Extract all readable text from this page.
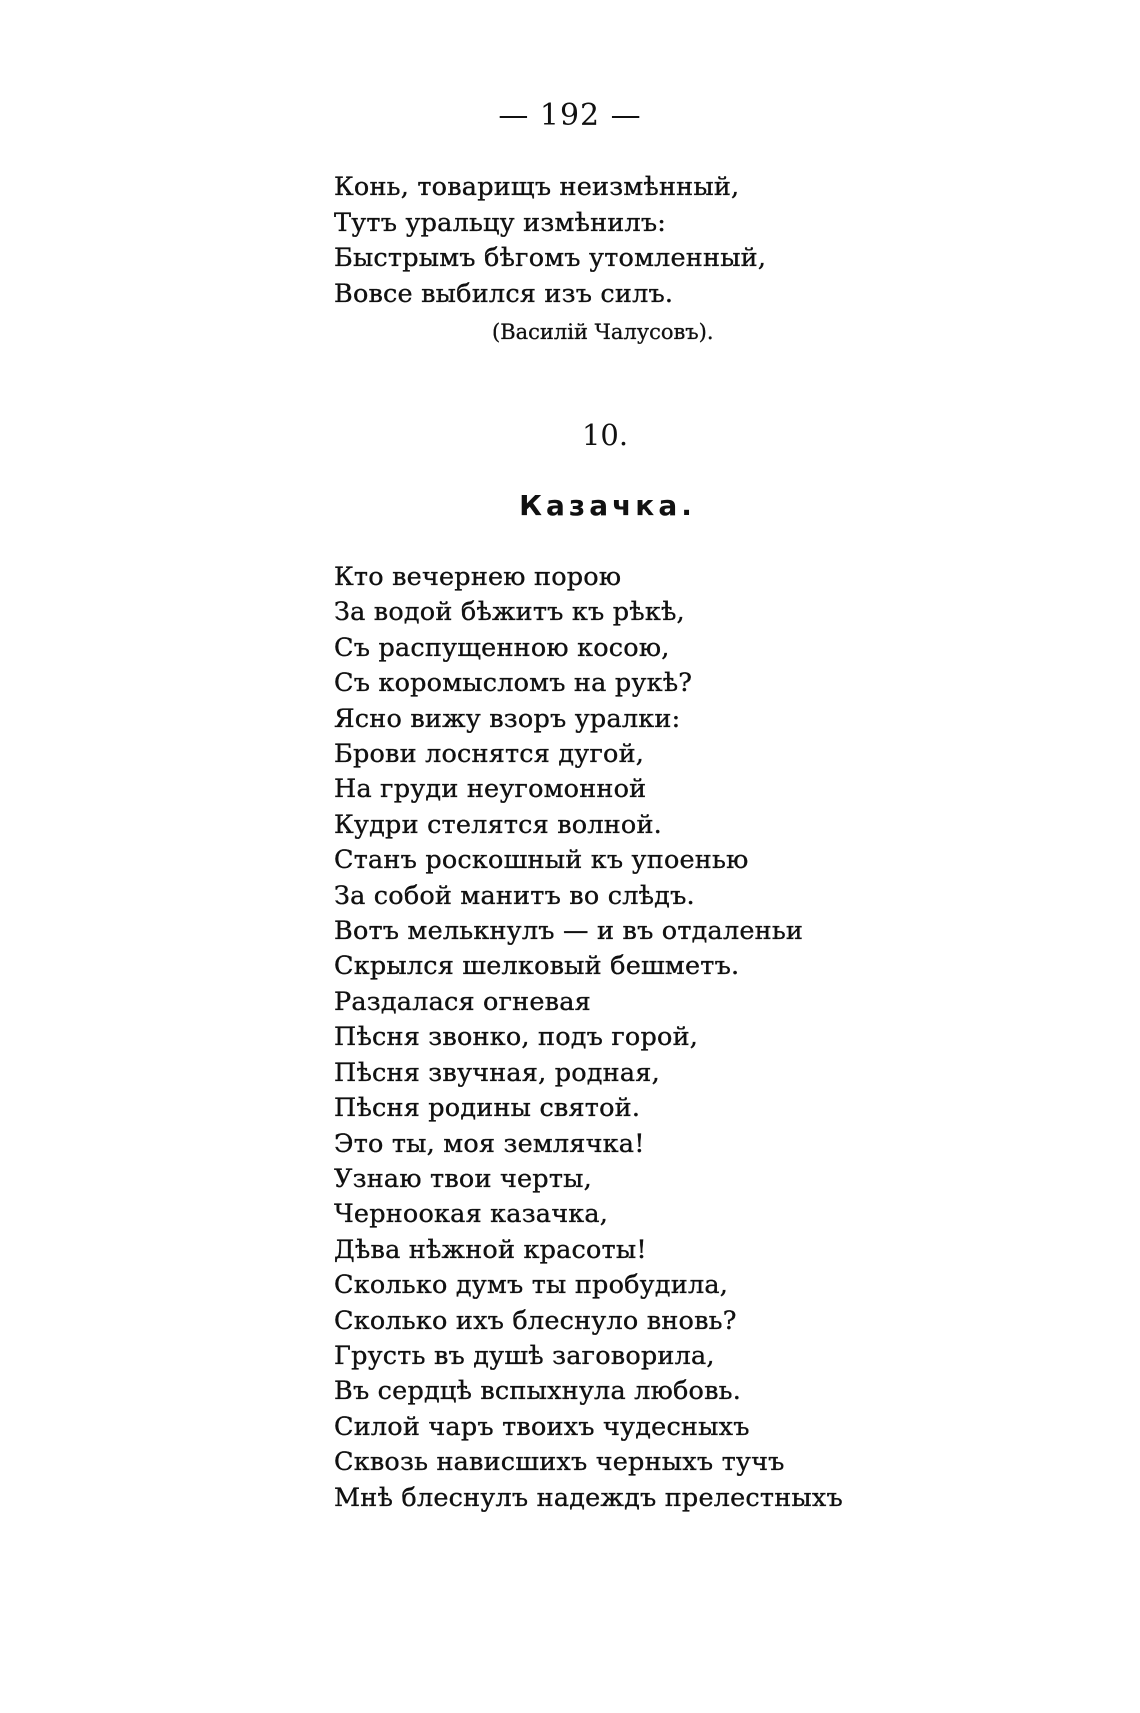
— 192 —
Конь, товарищъ неизмѣнный,
Тутъ уральцу измѣнилъ:
Быстрымъ бѣгомъ утомленный,
Вовсе выбился изъ силъ.
(Василій Чалусовъ).
10.
Казачка.
Кто вечернею порою
За водой бѣжитъ къ рѣкѣ,
Съ распущенною косою,
Съ коромысломъ на рукѣ?
Ясно вижу взоръ уралки:
Брови лоснятся дугой,
На груди неугомонной
Кудри стелятся волной.
Станъ роскошный къ упоенью
За собой манитъ во слѣдъ.
Вотъ мелькнулъ — и въ отдаленьи
Скрылся шелковый бешметъ.
Раздалася огневая
Пѣсня звонко, подъ горой,
Пѣсня звучная, родная,
Пѣсня родины святой.
Это ты, моя землячка!
Узнаю твои черты,
Черноокая казачка,
Дѣва нѣжной красоты!
Сколько думъ ты пробудила,
Сколько ихъ блеснуло вновь?
Грусть въ душѣ заговорила,
Въ сердцѣ вспыхнула любовь.
Силой чаръ твоихъ чудесныхъ
Сквозь нависшихъ черныхъ тучъ
Мнѣ блеснулъ надеждъ прелестныхъ
